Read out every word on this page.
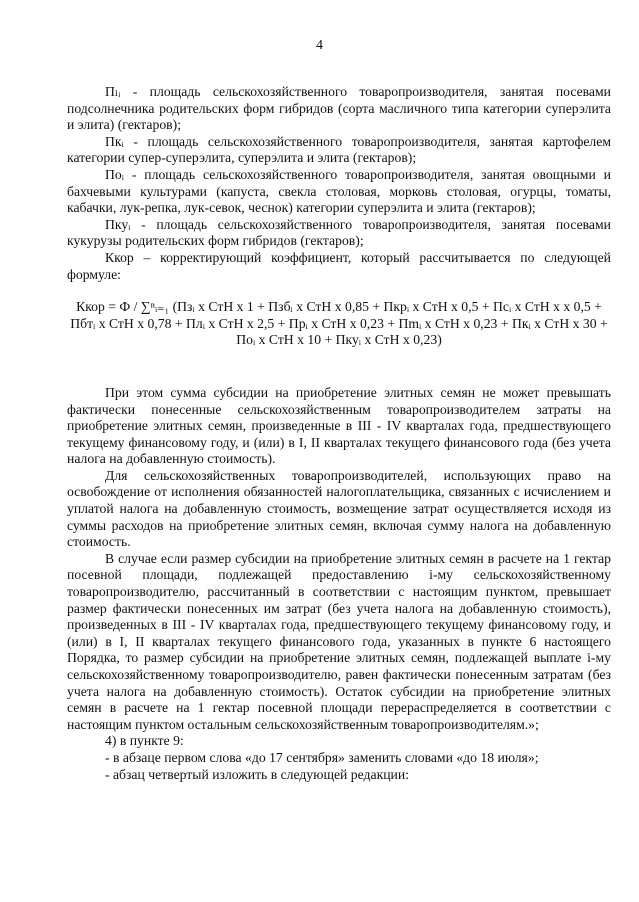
4

Пₗᵢ - площадь сельскохозяйственного товаропроизводителя, занятая посевами подсолнечника родительских форм гибридов (сорта масличного типа категории суперэлита и элита) (гектаров);

Пкᵢ - площадь сельскохозяйственного товаропроизводителя, занятая картофелем категории супер-суперэлита, суперэлита и элита (гектаров);

Поᵢ - площадь сельскохозяйственного товаропроизводителя, занятая овощными и бахчевыми культурами (капуста, свекла столовая, морковь столовая, огурцы, томаты, кабачки, лук-репка, лук-севок, чеснок) категории суперэлита и элита (гектаров);

Пкуᵢ - площадь сельскохозяйственного товаропроизводителя, занятая посевами кукурузы родительских форм гибридов (гектаров);

Ккор – корректирующий коэффициент, который рассчитывается по следующей формуле:

Ккор = Ф / ∑ⁿᵢ₌₁ (Пзᵢ х СтН х 1 + Пзбᵢ х СтН х 0,85 + Пкрᵢ х СтН х 0,5 + Пcᵢ х СтН х х 0,5 + Пбтᵢ х СтН х 0,78 + Плᵢ х СтН х 2,5 + Прᵢ х СтН х 0,23 + Пmᵢ х СтН х 0,23 + Пкᵢ х СтН х 30 + Поᵢ х СтН х 10 + Пкуᵢ х СтН х 0,23)

При этом сумма субсидии на приобретение элитных семян не может превышать фактически понесенные сельскохозяйственным товаропроизводителем затраты на приобретение элитных семян, произведенные в III - IV кварталах года, предшествующего текущему финансовому году, и (или) в I, II кварталах текущего финансового года (без учета налога на добавленную стоимость).

Для сельскохозяйственных товаропроизводителей, использующих право на освобождение от исполнения обязанностей налогоплательщика, связанных с исчислением и уплатой налога на добавленную стоимость, возмещение затрат осуществляется исходя из суммы расходов на приобретение элитных семян, включая сумму налога на добавленную стоимость.

В случае если размер субсидии на приобретение элитных семян в расчете на 1 гектар посевной площади, подлежащей предоставлению i-му сельскохозяйственному товаропроизводителю, рассчитанный в соответствии с настоящим пунктом, превышает размер фактически понесенных им затрат (без учета налога на добавленную стоимость), произведенных в III - IV кварталах года, предшествующего текущему финансовому году, и (или) в I, II кварталах текущего финансового года, указанных в пункте 6 настоящего Порядка, то размер субсидии на приобретение элитных семян, подлежащей выплате i-му сельскохозяйственному товаропроизводителю, равен фактически понесенным затратам (без учета налога на добавленную стоимость). Остаток субсидии на приобретение элитных семян в расчете на 1 гектар посевной площади перераспределяется в соответствии с настоящим пунктом остальным сельскохозяйственным товаропроизводителям.»;

4) в пункте 9:

- в абзаце первом слова «до 17 сентября» заменить словами «до 18 июля»;

- абзац четвертый изложить в следующей редакции:
